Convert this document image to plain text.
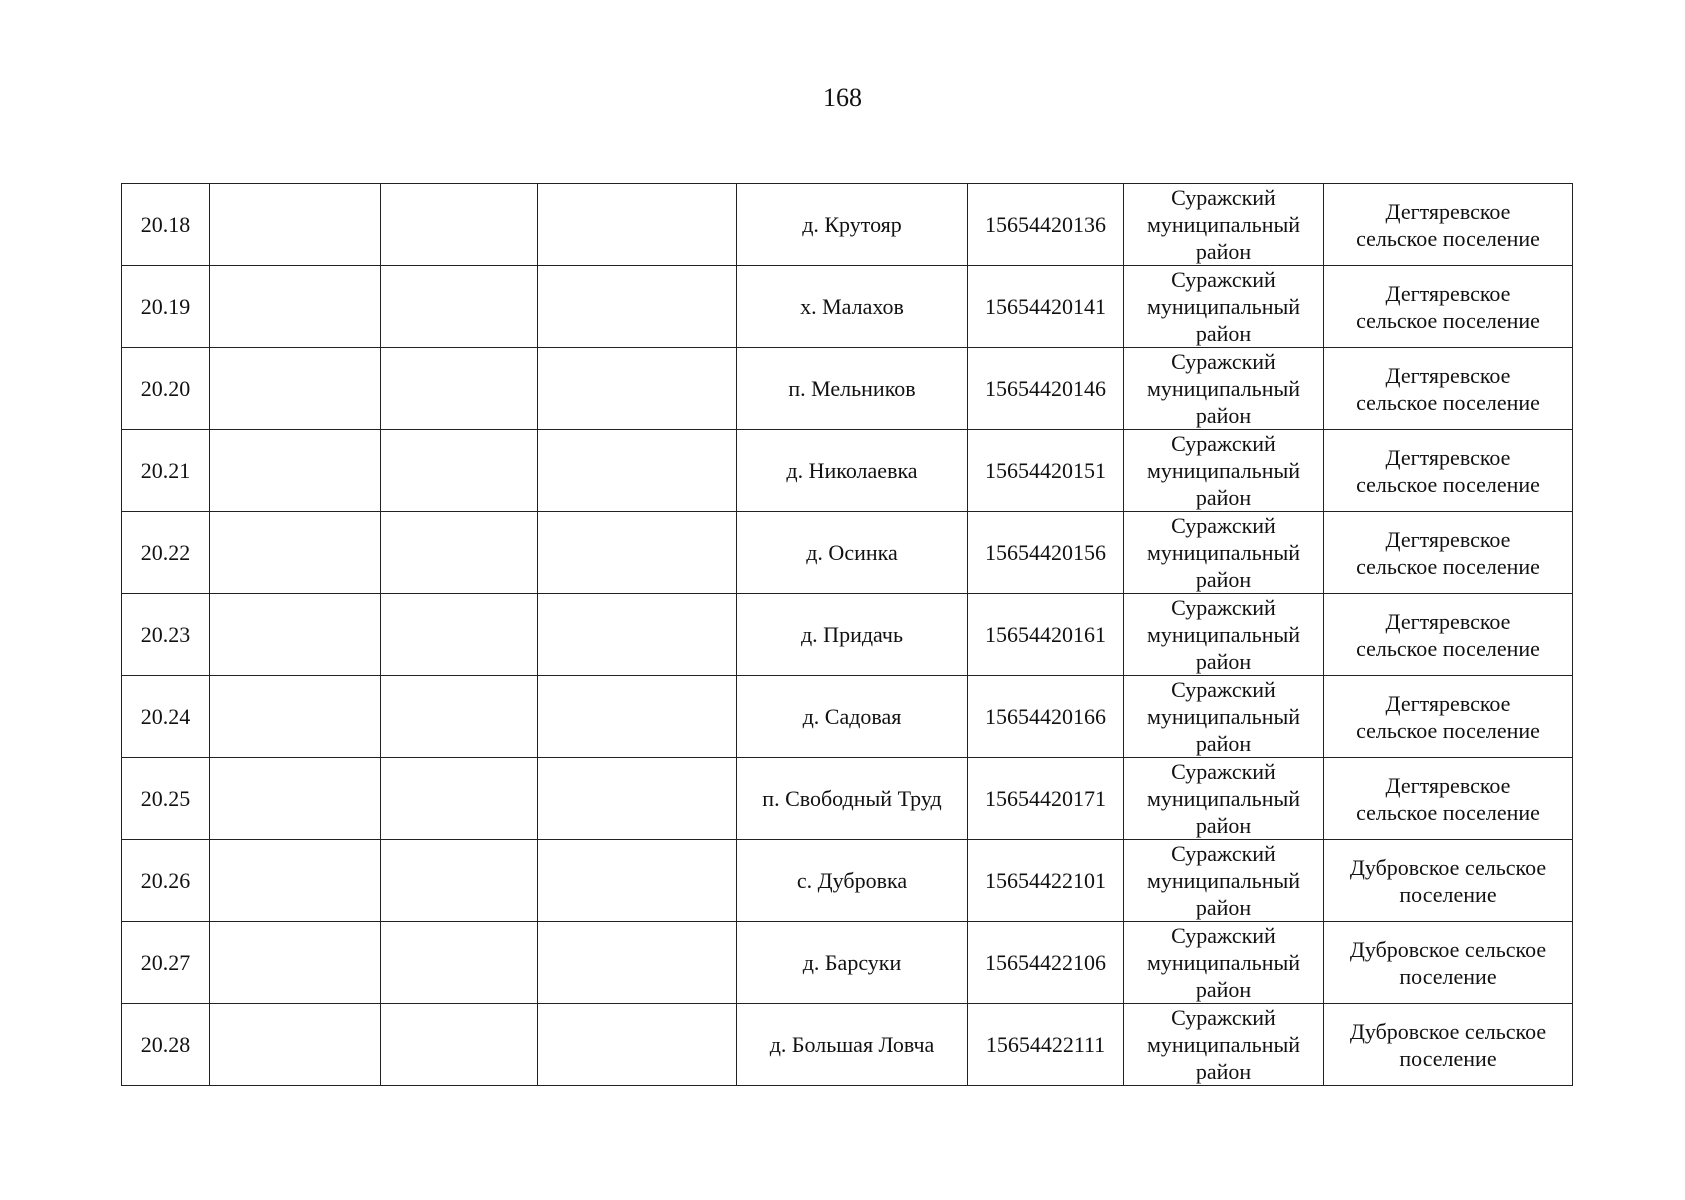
168
20.18				д. Крутояр	15654420136	Суражский
муниципальный
район	Дегтяревское
сельское поселение

20.19				х. Малахов	15654420141	Суражский
муниципальный
район	Дегтяревское
сельское поселение

20.20				п. Мельников	15654420146	Суражский
муниципальный
район	Дегтяревское
сельское поселение

20.21				д. Николаевка	15654420151	Суражский
муниципальный
район	Дегтяревское
сельское поселение

20.22				д. Осинка	15654420156	Суражский
муниципальный
район	Дегтяревское
сельское поселение

20.23				д. Придачь	15654420161	Суражский
муниципальный
район	Дегтяревское
сельское поселение

20.24				д. Садовая	15654420166	Суражский
муниципальный
район	Дегтяревское
сельское поселение

20.25				п. Свободный Труд	15654420171	Суражский
муниципальный
район	Дегтяревское
сельское поселение

20.26				с. Дубровка	15654422101	Суражский
муниципальный
район	Дубровское сельское
поселение

20.27				д. Барсуки	15654422106	Суражский
муниципальный
район	Дубровское сельское
поселение

20.28				д. Большая Ловча	15654422111	Суражский
муниципальный
район	Дубровское сельское
поселение
